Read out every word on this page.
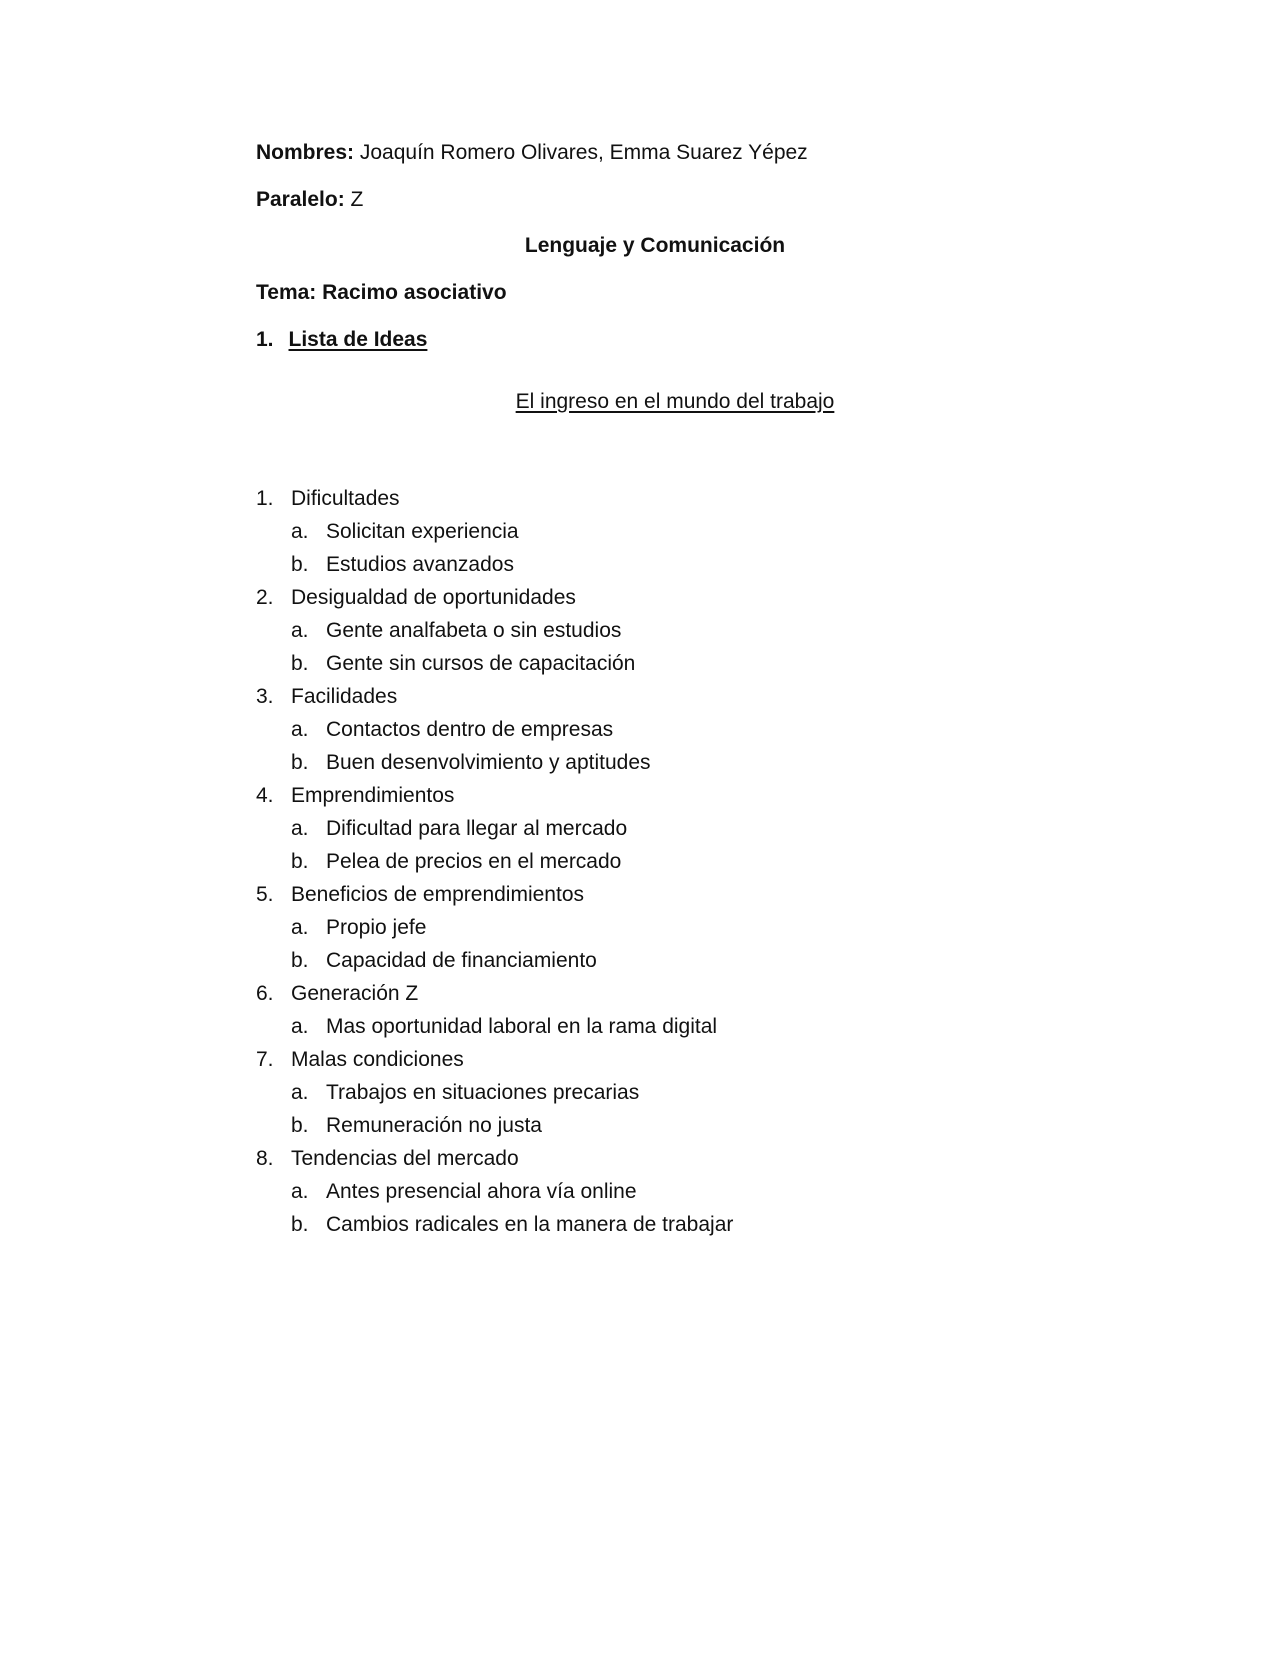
Nombres: Joaquín Romero Olivares, Emma Suarez Yépez
Paralelo: Z
Lenguaje y Comunicación
Tema: Racimo asociativo
1. Lista de Ideas
El ingreso en el mundo del trabajo
1. Dificultades
a. Solicitan experiencia
b. Estudios avanzados
2. Desigualdad de oportunidades
a. Gente analfabeta o sin estudios
b. Gente sin cursos de capacitación
3. Facilidades
a. Contactos dentro de empresas
b. Buen desenvolvimiento y aptitudes
4. Emprendimientos
a. Dificultad para llegar al mercado
b. Pelea de precios en el mercado
5. Beneficios de emprendimientos
a. Propio jefe
b. Capacidad de financiamiento
6. Generación Z
a. Mas oportunidad laboral en la rama digital
7. Malas condiciones
a. Trabajos en situaciones precarias
b. Remuneración no justa
8. Tendencias del mercado
a. Antes presencial ahora vía online
b. Cambios radicales en la manera de trabajar
